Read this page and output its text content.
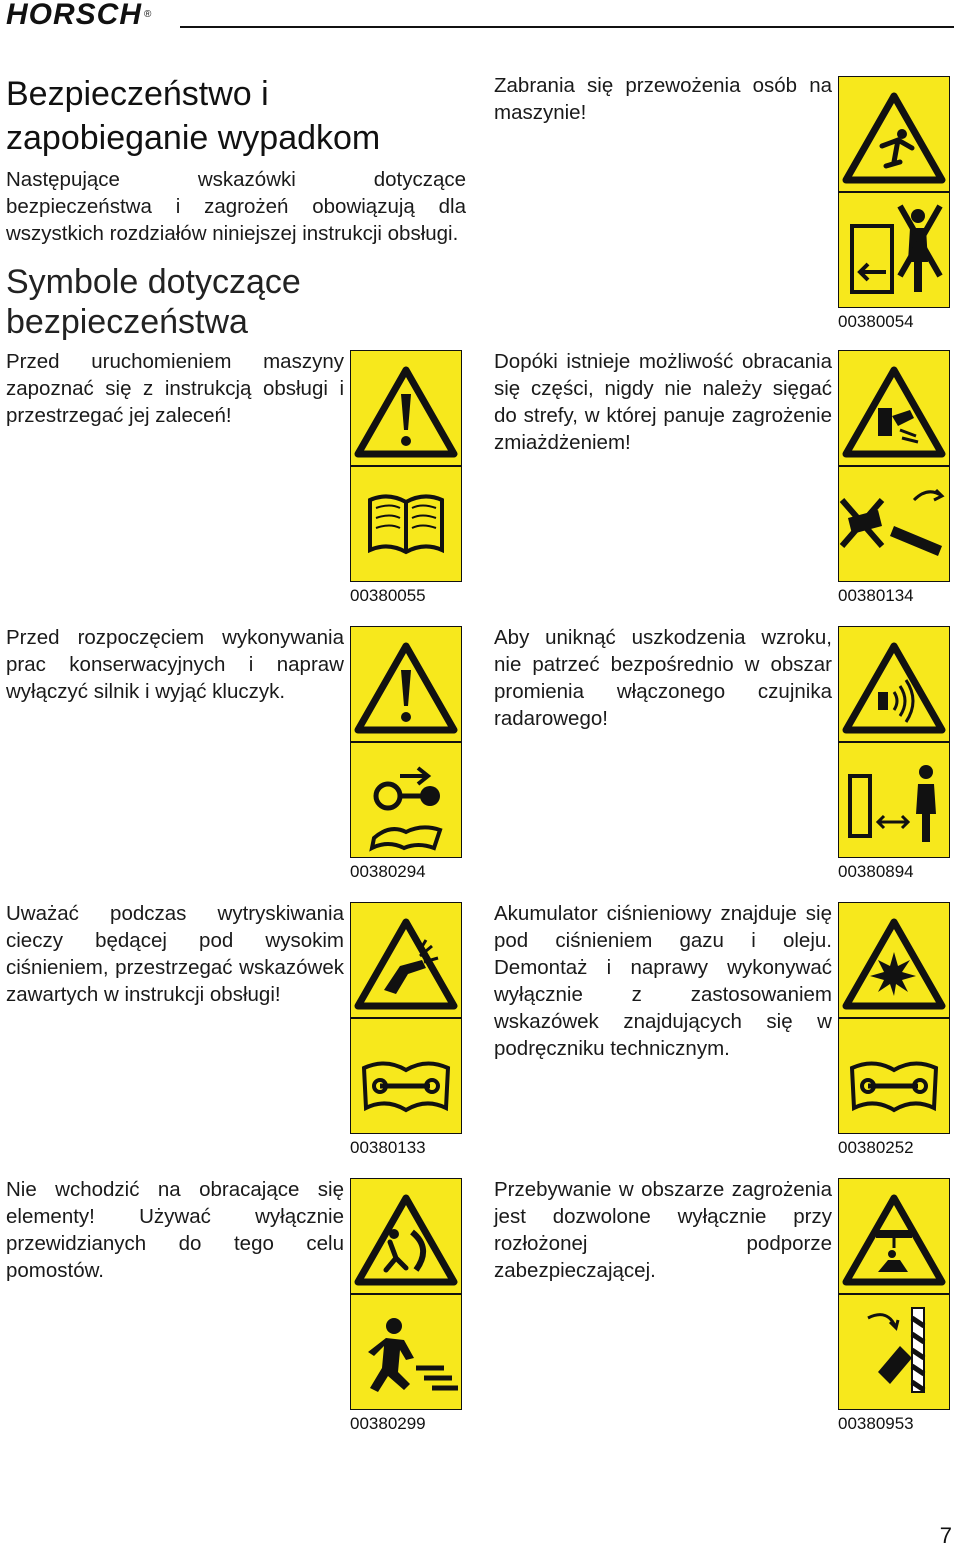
HORSCH ®
Bezpieczeństwo i
zapobieganie wypadkom
Następujące wskazówki dotyczące bezpieczeństwa i zagrożeń obowiązują dla wszystkich rozdziałów niniejszej instrukcji obsługi.
Symbole dotyczące
bezpieczeństwa
Przed uruchomieniem maszyny zapoznać się z instrukcją obsługi i przestrzegać jej zaleceń!
Przed rozpoczęciem wykonywania prac konserwacyjnych i napraw wyłączyć silnik i wyjąć kluczyk.
Uważać podczas wytryskiwania cieczy będącej pod wysokim ciśnieniem, przestrzegać wskazówek zawartych w instrukcji obsługi!
Nie wchodzić na obracające się elementy! Używać wyłącznie przewidzianych do tego celu pomostów.
Zabrania się przewożenia osób na maszynie!
Dopóki istnieje możliwość obracania się części, nigdy nie należy sięgać do strefy, w której panuje zagrożenie zmiażdżeniem!
Aby uniknąć uszkodzenia wzroku, nie patrzeć bezpośrednio w obszar promienia włączonego czujnika radarowego!
Akumulator ciśnieniowy znajduje się pod ciśnieniem gazu i oleju. Demontaż i naprawy wykonywać wyłącznie z zastosowaniem wskazówek znajdujących się w podręczniku technicznym.
Przebywanie w obszarze zagrożenia jest dozwolone wyłącznie przy rozłożonej podporze zabezpieczającej.
00380055
00380054
00380294
00380134
00380133
00380894
00380299
00380252
00380953
7
